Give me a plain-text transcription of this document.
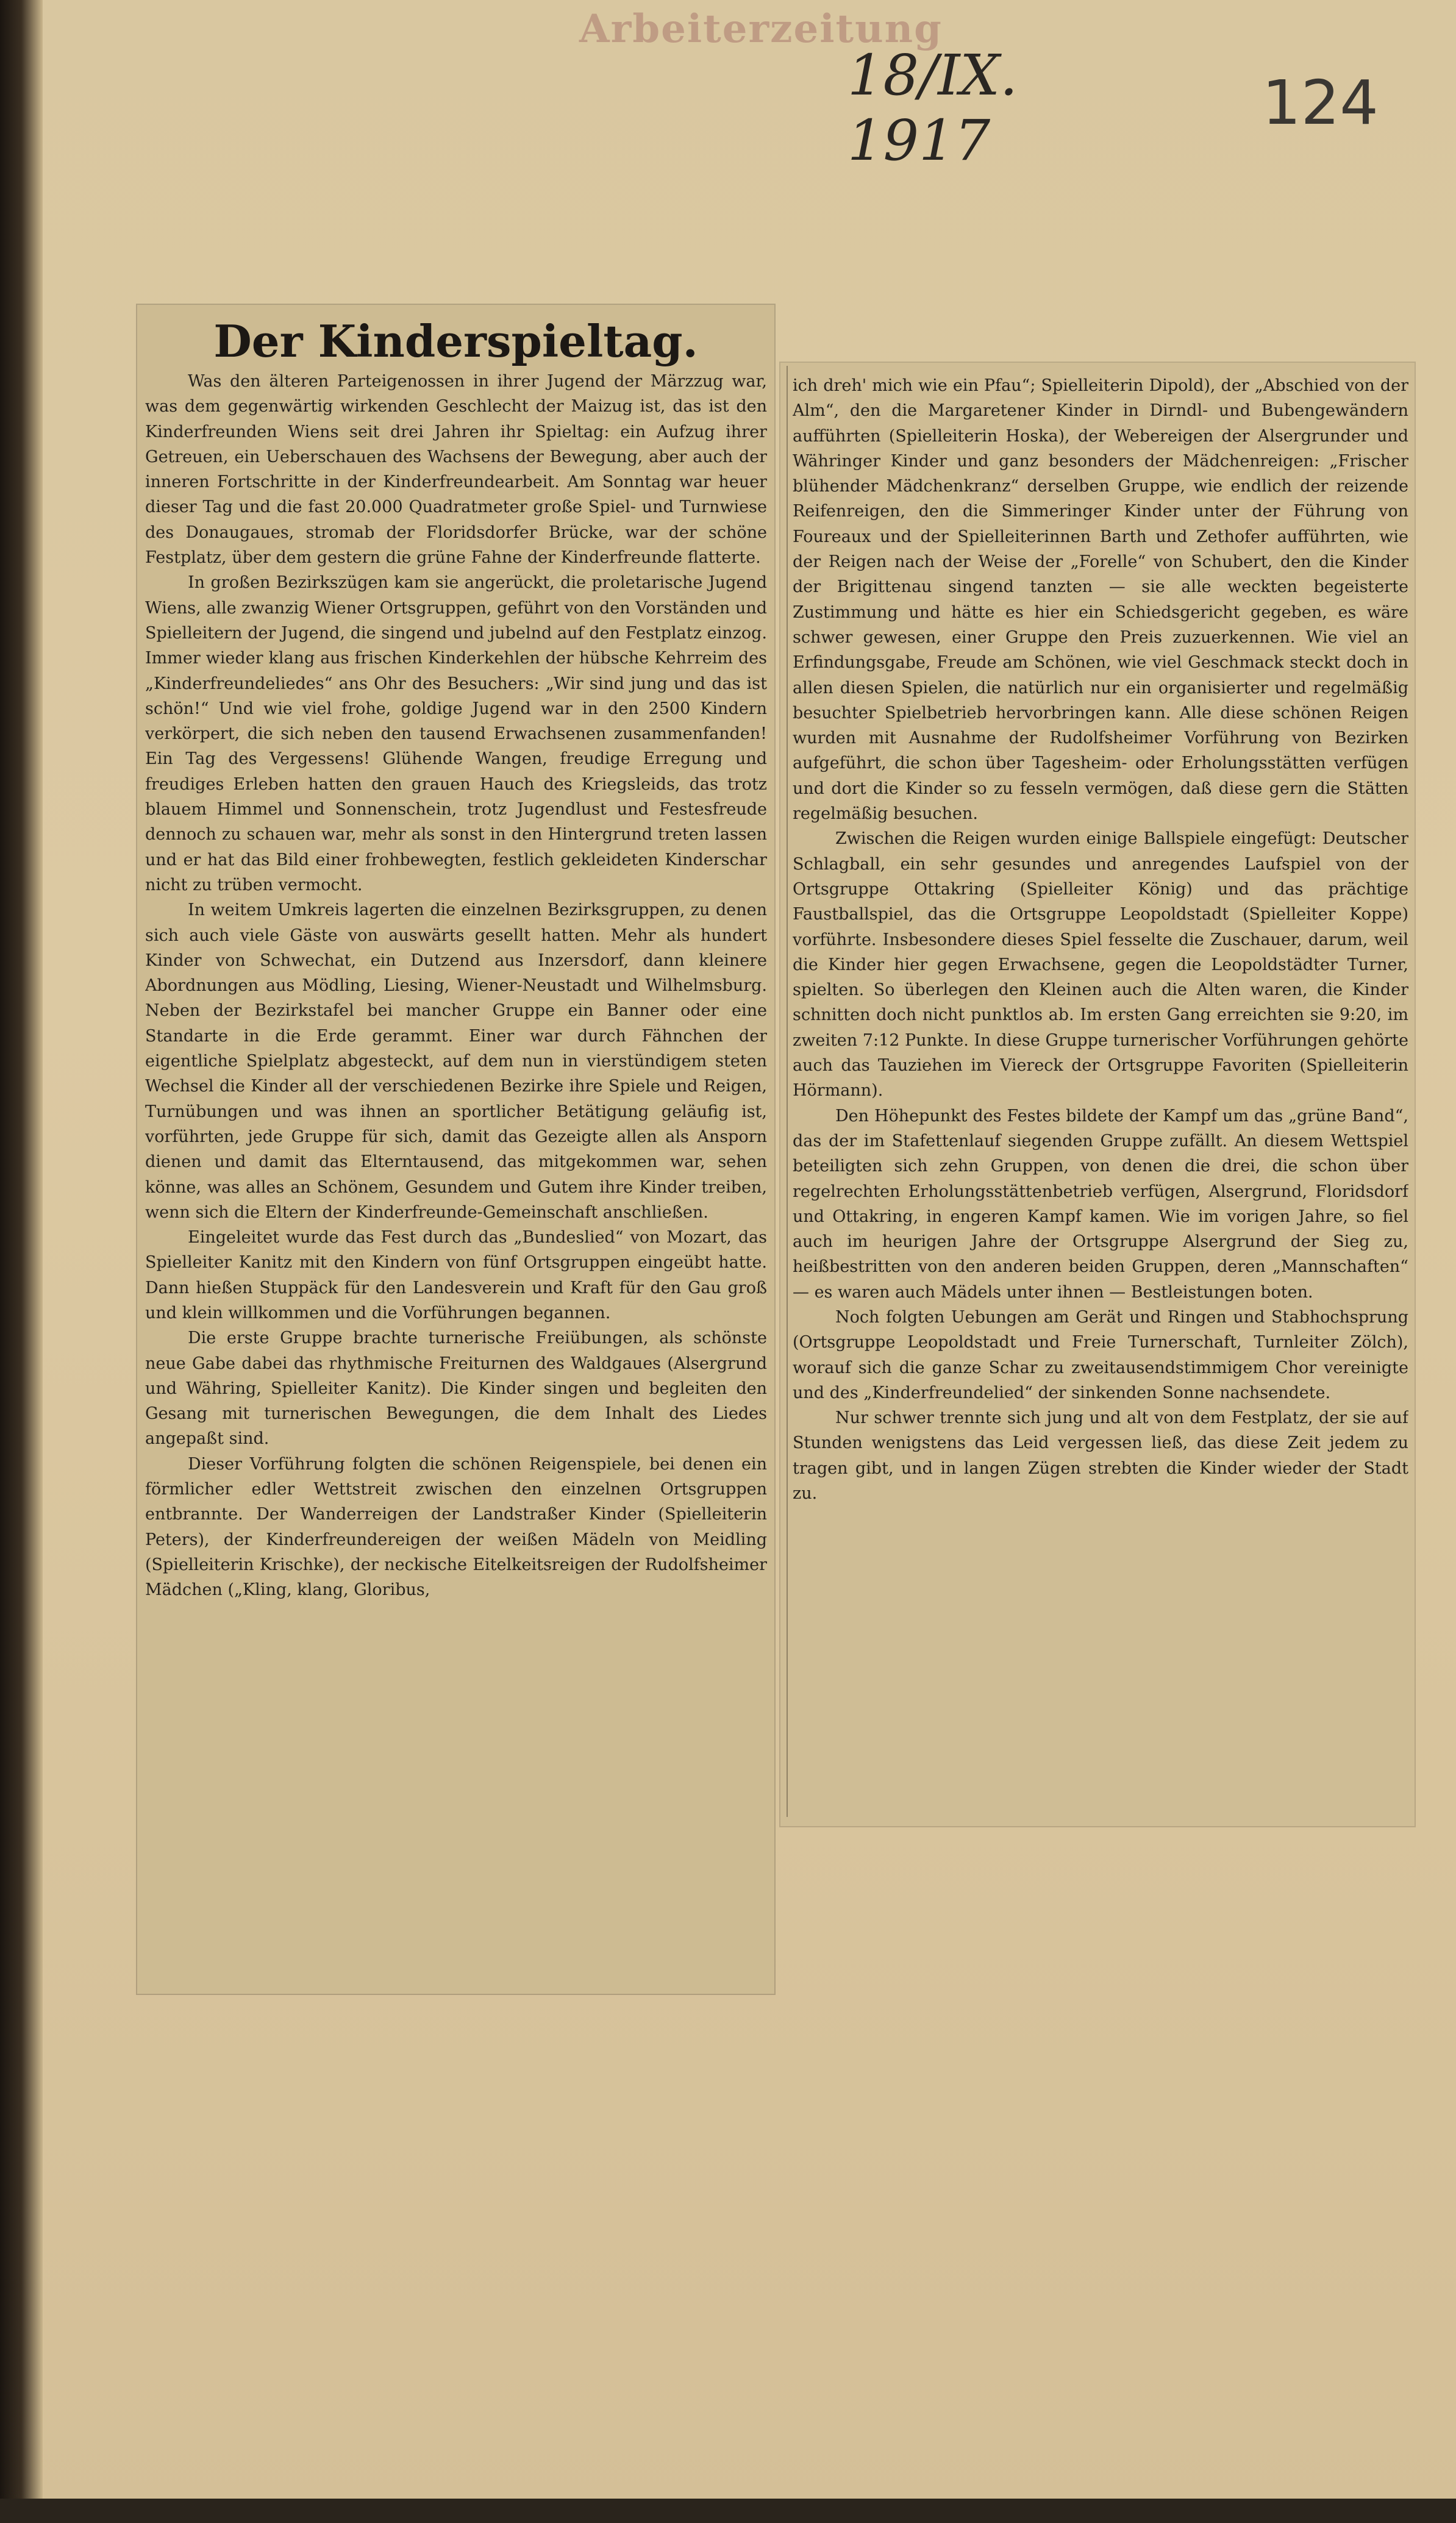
Arbeiterzeitung
18/IX. 1917
124
Der Kinderspieltag.

Was den älteren Parteigenossen in ihrer Jugend der Märzzug war, was dem gegenwärtig wirkenden Geschlecht der Maizug ist, das ist den Kinderfreunden Wiens seit drei Jahren ihr Spieltag: ein Aufzug ihrer Getreuen, ein Ueberschauen des Wachsens der Bewegung, aber auch der inneren Fortschritte in der Kinderfreundearbeit. Am Sonntag war heuer dieser Tag und die fast 20.000 Quadratmeter große Spiel- und Turnwiese des Donaugaues, stromab der Floridsdorfer Brücke, war der schöne Festplatz, über dem gestern die grüne Fahne der Kinderfreunde flatterte.

In großen Bezirkszügen kam sie angerückt, die proletarische Jugend Wiens, alle zwanzig Wiener Ortsgruppen, geführt von den Vorständen und Spielleitern der Jugend, die singend und jubelnd auf den Festplatz einzog. Immer wieder klang aus frischen Kinderkehlen der hübsche Kehrreim des „Kinderfreundeliedes“ ans Ohr des Besuchers: „Wir sind jung und das ist schön!“ Und wie viel frohe, goldige Jugend war in den 2500 Kindern verkörpert, die sich neben den tausend Erwachsenen zusammenfanden! Ein Tag des Vergessens! Glühende Wangen, freudige Erregung und freudiges Erleben hatten den grauen Hauch des Kriegsleids, das trotz blauem Himmel und Sonnenschein, trotz Jugendlust und Festesfreude dennoch zu schauen war, mehr als sonst in den Hintergrund treten lassen und er hat das Bild einer frohbewegten, festlich gekleideten Kinderschar nicht zu trüben vermocht.

In weitem Umkreis lagerten die einzelnen Bezirksgruppen, zu denen sich auch viele Gäste von auswärts gesellt hatten. Mehr als hundert Kinder von Schwechat, ein Dutzend aus Inzersdorf, dann kleinere Abordnungen aus Mödling, Liesing, Wiener-Neustadt und Wilhelmsburg. Neben der Bezirkstafel bei mancher Gruppe ein Banner oder eine Standarte in die Erde gerammt. Einer war durch Fähnchen der eigentliche Spielplatz abgesteckt, auf dem nun in vierstündigem steten Wechsel die Kinder all der verschiedenen Bezirke ihre Spiele und Reigen, Turnübungen und was ihnen an sportlicher Betätigung geläufig ist, vorführten, jede Gruppe für sich, damit das Gezeigte allen als Ansporn dienen und damit das Elterntausend, das mitgekommen war, sehen könne, was alles an Schönem, Gesundem und Gutem ihre Kinder treiben, wenn sich die Eltern der Kinderfreunde-Gemeinschaft anschließen.

Eingeleitet wurde das Fest durch das „Bundeslied“ von Mozart, das Spielleiter Kanitz mit den Kindern von fünf Ortsgruppen eingeübt hatte. Dann hießen Stuppäck für den Landesverein und Kraft für den Gau groß und klein willkommen und die Vorführungen begannen.

Die erste Gruppe brachte turnerische Freiübungen, als schönste neue Gabe dabei das rhythmische Freiturnen des Waldgaues (Alsergrund und Währing, Spielleiter Kanitz). Die Kinder singen und begleiten den Gesang mit turnerischen Bewegungen, die dem Inhalt des Liedes angepaßt sind.

Dieser Vorführung folgten die schönen Reigenspiele, bei denen ein förmlicher edler Wettstreit zwischen den einzelnen Ortsgruppen entbrannte. Der Wanderreigen der Landstraßer Kinder (Spielleiterin Peters), der Kinderfreundereigen der weißen Mädeln von Meidling (Spielleiterin Krischke), der neckische Eitelkeitsreigen der Rudolfsheimer Mädchen („Kling, klang, Gloribus,

ich dreh' mich wie ein Pfau“; Spielleiterin Dipold), der „Abschied von der Alm“, den die Margaretener Kinder in Dirndl- und Bubengewändern aufführten (Spielleiterin Hoska), der Webereigen der Alsergrunder und Währinger Kinder und ganz besonders der Mädchenreigen: „Frischer blühender Mädchenkranz“ derselben Gruppe, wie endlich der reizende Reifenreigen, den die Simmeringer Kinder unter der Führung von Foureaux und der Spielleiterinnen Barth und Zethofer aufführten, wie der Reigen nach der Weise der „Forelle“ von Schubert, den die Kinder der Brigittenau singend tanzten — sie alle weckten begeisterte Zustimmung und hätte es hier ein Schiedsgericht gegeben, es wäre schwer gewesen, einer Gruppe den Preis zuzuerkennen. Wie viel an Erfindungsgabe, Freude am Schönen, wie viel Geschmack steckt doch in allen diesen Spielen, die natürlich nur ein organisierter und regelmäßig besuchter Spielbetrieb hervorbringen kann. Alle diese schönen Reigen wurden mit Ausnahme der Rudolfsheimer Vorführung von Bezirken aufgeführt, die schon über Tagesheim- oder Erholungsstätten verfügen und dort die Kinder so zu fesseln vermögen, daß diese gern die Stätten regelmäßig besuchen.

Zwischen die Reigen wurden einige Ballspiele eingefügt: Deutscher Schlagball, ein sehr gesundes und anregendes Laufspiel von der Ortsgruppe Ottakring (Spielleiter König) und das prächtige Faustballspiel, das die Ortsgruppe Leopoldstadt (Spielleiter Koppe) vorführte. Insbesondere dieses Spiel fesselte die Zuschauer, darum, weil die Kinder hier gegen Erwachsene, gegen die Leopoldstädter Turner, spielten. So überlegen den Kleinen auch die Alten waren, die Kinder schnitten doch nicht punktlos ab. Im ersten Gang erreichten sie 9:20, im zweiten 7:12 Punkte. In diese Gruppe turnerischer Vorführungen gehörte auch das Tauziehen im Viereck der Ortsgruppe Favoriten (Spielleiterin Hörmann).

Den Höhepunkt des Festes bildete der Kampf um das „grüne Band“, das der im Stafettenlauf siegenden Gruppe zufällt. An diesem Wettspiel beteiligten sich zehn Gruppen, von denen die drei, die schon über regelrechten Erholungsstättenbetrieb verfügen, Alsergrund, Floridsdorf und Ottakring, in engeren Kampf kamen. Wie im vorigen Jahre, so fiel auch im heurigen Jahre der Ortsgruppe Alsergrund der Sieg zu, heißbestritten von den anderen beiden Gruppen, deren „Mannschaften“ — es waren auch Mädels unter ihnen — Bestleistungen boten.

Noch folgten Uebungen am Gerät und Ringen und Stabhochsprung (Ortsgruppe Leopoldstadt und Freie Turnerschaft, Turnleiter Zölch), worauf sich die ganze Schar zu zweitausendstimmigem Chor vereinigte und des „Kinderfreundelied“ der sinkenden Sonne nachsendete.

Nur schwer trennte sich jung und alt von dem Festplatz, der sie auf Stunden wenigstens das Leid vergessen ließ, das diese Zeit jedem zu tragen gibt, und in langen Zügen strebten die Kinder wieder der Stadt zu.
